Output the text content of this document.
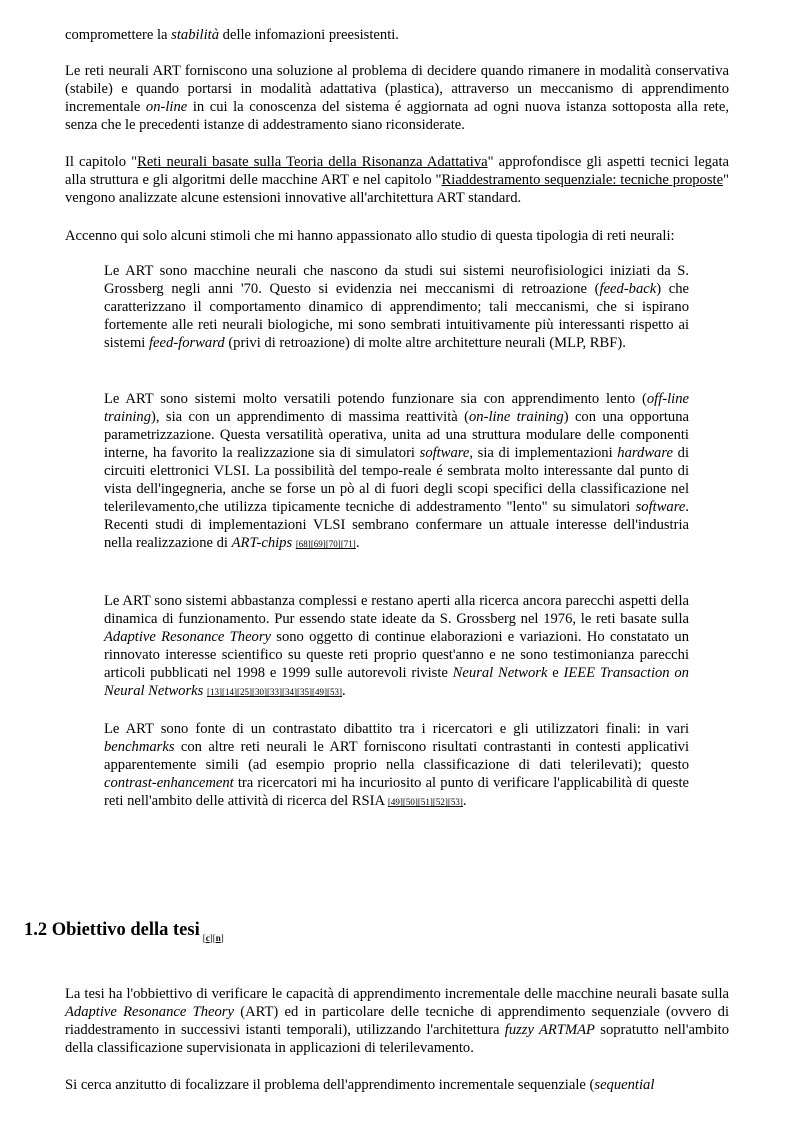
compromettere la stabilità delle infomazioni preesistenti.

Le reti neurali ART forniscono una soluzione al problema di decidere quando rimanere in modalità conservativa (stabile) e quando portarsi in modalità adattativa (plastica), attraverso un meccanismo di apprendimento incrementale on-line in cui la conoscenza del sistema é aggiornata ad ogni nuova istanza sottoposta alla rete, senza che le precedenti istanze di addestramento siano riconsiderate.

Il capitolo "Reti neurali basate sulla Teoria della Risonanza Adattativa" approfondisce gli aspetti tecnici legata alla struttura e gli algoritmi delle macchine ART e nel capitolo "Riaddestramento sequenziale: tecniche proposte" vengono analizzate alcune estensioni innovative all'architettura ART standard.

Accenno qui solo alcuni stimoli che mi hanno appassionato allo studio di questa tipologia di reti neurali:

Le ART sono macchine neurali che nascono da studi sui sistemi neurofisiologici iniziati da S. Grossberg negli anni '70. Questo si evidenzia nei meccanismi di retroazione (feed-back) che caratterizzano il comportamento dinamico di apprendimento; tali meccanismi, che si ispirano fortemente alle reti neurali biologiche, mi sono sembrati intuitivamente più interessanti rispetto ai sistemi feed-forward (privi di retroazione) di molte altre architetture neurali (MLP, RBF).

Le ART sono sistemi molto versatili potendo funzionare sia con apprendimento lento (off-line training), sia con un apprendimento di massima reattività (on-line training) con una opportuna parametrizzazione. Questa versatilità operativa, unita ad una struttura modulare delle componenti interne, ha favorito la realizzazione sia di simulatori software, sia di implementazioni hardware di circuiti elettronici VLSI. La possibilità del tempo-reale é sembrata molto interessante dal punto di vista dell'ingegneria, anche se forse un pò al di fuori degli scopi specifici della classificazione nel telerilevamento,che utilizza tipicamente tecniche di addestramento "lento" su simulatori software. Recenti studi di implementazioni VLSI sembrano confermare un attuale interesse dell'industria nella realizzazione di ART-chips [68][69][70][71].

Le ART sono sistemi abbastanza complessi e restano aperti alla ricerca ancora parecchi aspetti della dinamica di funzionamento. Pur essendo state ideate da S. Grossberg nel 1976, le reti basate sulla Adaptive Resonance Theory sono oggetto di continue elaborazioni e variazioni. Ho constatato un rinnovato interesse scientifico su queste reti proprio quest'anno e ne sono testimonianza parecchi articoli pubblicati nel 1998 e 1999 sulle autorevoli riviste Neural Network e IEEE Transaction on Neural Networks [13][14][25][30][33][34][35][49][53].

Le ART sono fonte di un contrastato dibattito tra i ricercatori e gli utilizzatori finali: in vari benchmarks con altre reti neurali le ART forniscono risultati contrastanti in contesti applicativi apparentemente simili (ad esempio proprio nella classificazione di dati telerilevati); questo contrast-enhancement tra ricercatori mi ha incuriosito al punto di verificare l'applicabilità di queste reti nell'ambito delle attività di ricerca del RSIA [49][50][51][52][53].

1.2 Obiettivo della tesi $_{[c][n]}$

La tesi ha l'obbiettivo di verificare le capacità di apprendimento incrementale delle macchine neurali basate sulla Adaptive Resonance Theory (ART) ed in particolare delle tecniche di apprendimento sequenziale (ovvero di riaddestramento in successivi istanti temporali), utilizzando l'architettura fuzzy ARTMAP sopratutto nell'ambito della classificazione supervisionata in applicazioni di telerilevamento.

Si cerca anzitutto di focalizzare il problema dell'apprendimento incrementale sequenziale (sequential
